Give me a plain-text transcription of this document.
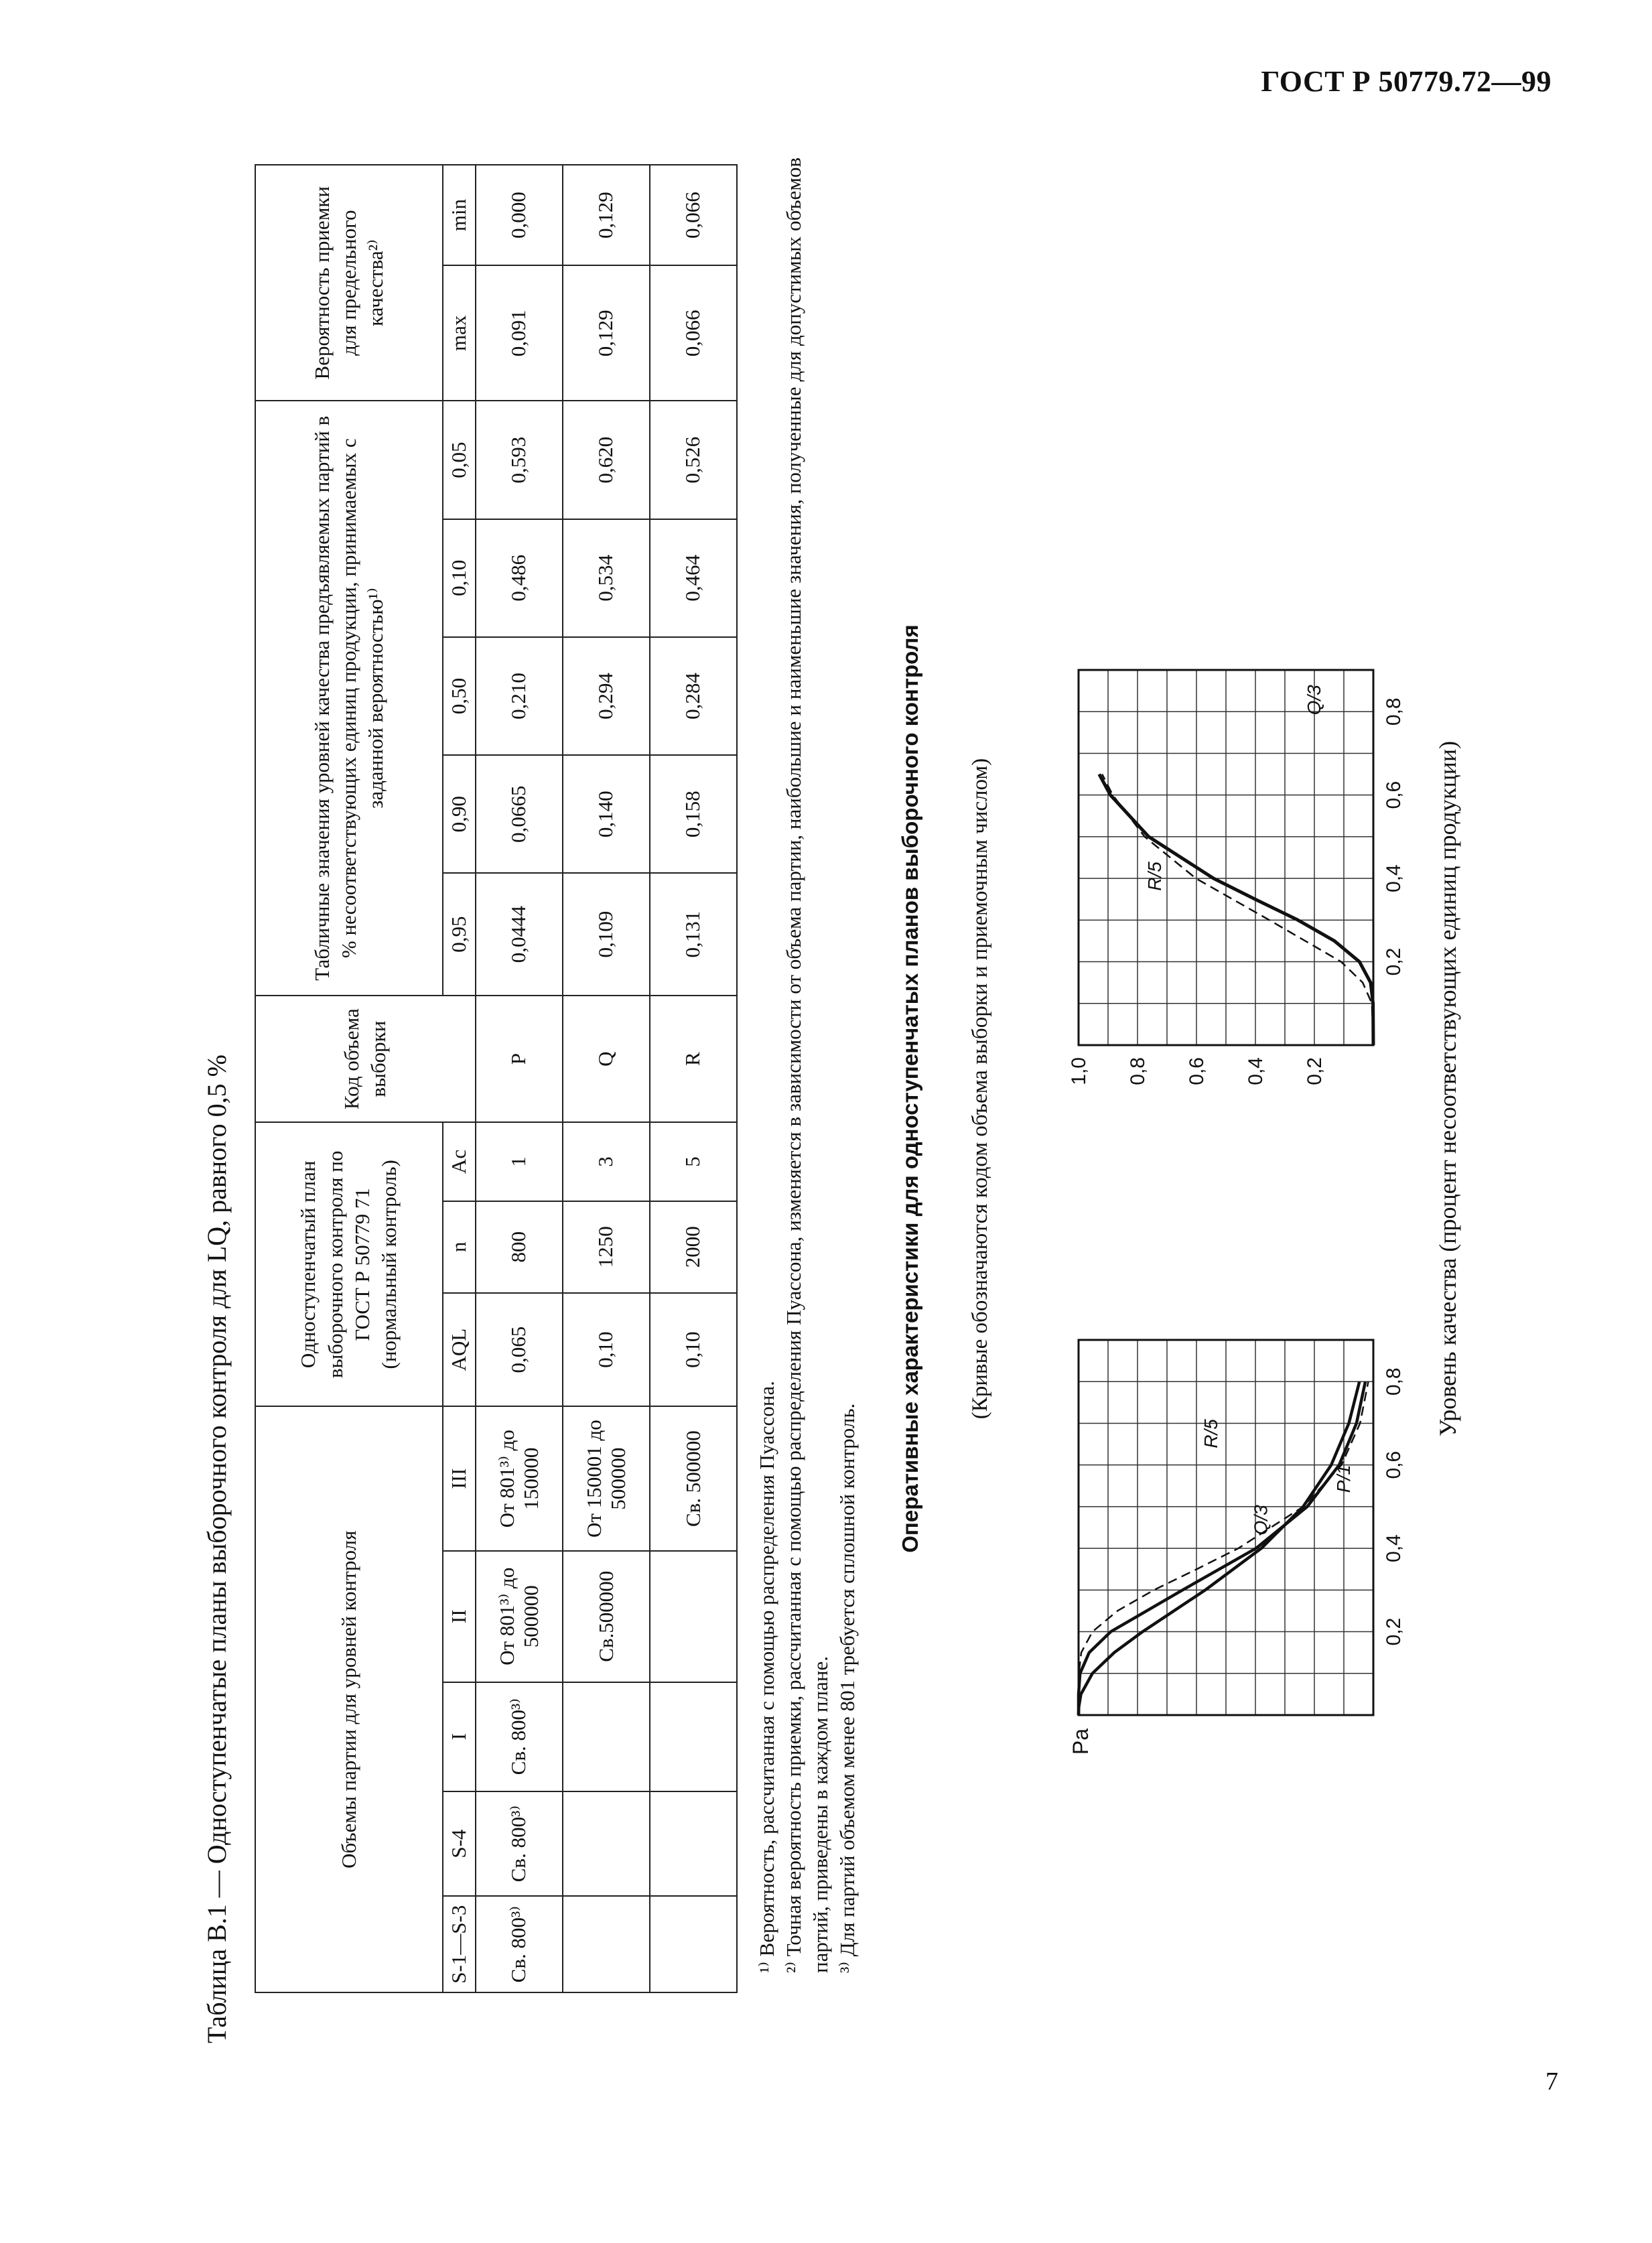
ГОСТ Р 50779.72—99
Таблица В.1 — Одноступенчатые планы выборочного контроля для LQ, равного 0,5 %	Объемы партии для уровней контроля					Одноступенчатый план выборочного контроля по ГОСТ Р 50779 71 (нормальный контроль)			Код объема выборки	Табличные значения уровней качества предъявляемых партий в % несоответствующих единиц продукции, принимаемых с заданной вероятностью¹⁾					Вероятность приемки для предельного качества²⁾	
S-1—S-3	S-4	I	II	III	AQL	n	Ac		0,95	0,90	0,50	0,10	0,05	max	min
Св. 800³⁾	Св. 800³⁾	Св. 800³⁾	От 801³⁾ до 500000	От 801³⁾ до 150000	0,065	800	1	P	0,0444	0,0665	0,210	0,486	0,593	0,091	0,000
			Св.500000	От 150001 до 500000	0,10	1250	3	Q	0,109	0,140	0,294	0,534	0,620	0,129	0,129
				Св. 500000	0,10	2000	5	R	0,131	0,158	0,284	0,464	0,526	0,066	0,066

¹⁾ Вероятность, рассчитанная с помощью распределения Пуассона. ²⁾ Точная вероятность приемки, рассчитанная с помощью распределения Пуассона, изменяется в зависимости от объема партии, наибольшие и наименьшие значения, полученные для допустимых объемов партий, приведены в каждом плане. ³⁾ Для партий объемом менее 801 требуется сплошной контроль.

Оперативные характеристики для одноступенчатых планов выборочного контроля (Кривые обозначаются кодом объема выборки и приемочным числом)
0,2
0,4
0,6
0,8
Pa
P/1
Q/3
R/5
0,2
0,4
0,6
0,8
0,2
0,4
0,6
0,8
1,0
Q/3
R/5	Уровень качества (процент несоответствующих единиц продукции)
7
